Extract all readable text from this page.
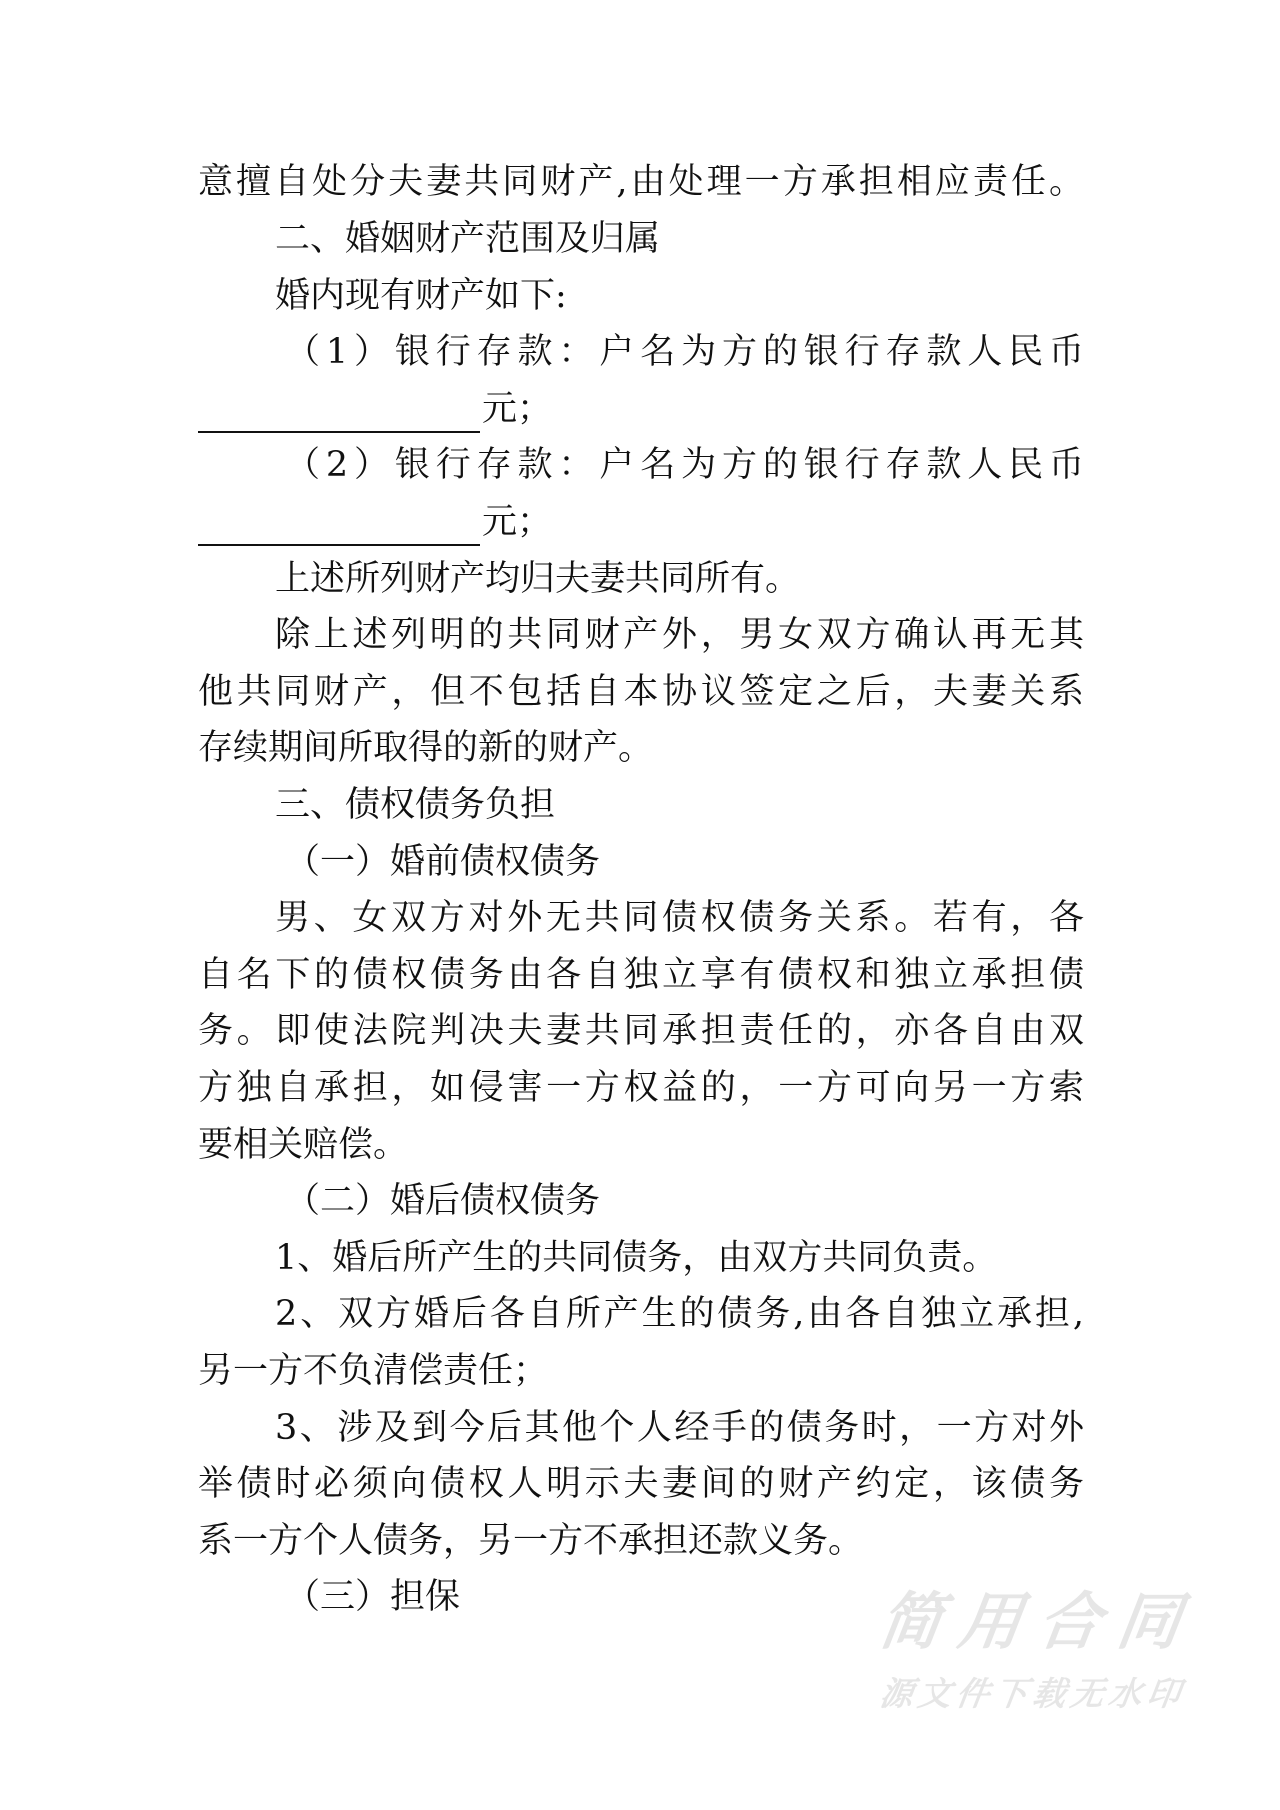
意擅自处分夫妻共同财产,由处理一方承担相应责任。
二、婚姻财产范围及归属
婚内现有财产如下:
（1）银行存款：户名为方的银行存款人民币
元；
（2）银行存款：户名为方的银行存款人民币
元；
上述所列财产均归夫妻共同所有。
除上述列明的共同财产外，男女双方确认再无其
他共同财产，但不包括自本协议签定之后，夫妻关系
存续期间所取得的新的财产。
三、债权债务负担
（一）婚前债权债务
男、女双方对外无共同债权债务关系。若有，各
自名下的债权债务由各自独立享有债权和独立承担债
务。即使法院判决夫妻共同承担责任的，亦各自由双
方独自承担，如侵害一方权益的，一方可向另一方索
要相关赔偿。
（二）婚后债权债务
1、婚后所产生的共同债务，由双方共同负责。
2、双方婚后各自所产生的债务,由各自独立承担,
另一方不负清偿责任；
3、涉及到今后其他个人经手的债务时，一方对外
举债时必须向债权人明示夫妻间的财产约定，该债务
系一方个人债务，另一方不承担还款义务。
（三）担保	简用合同
源文件下载无水印
